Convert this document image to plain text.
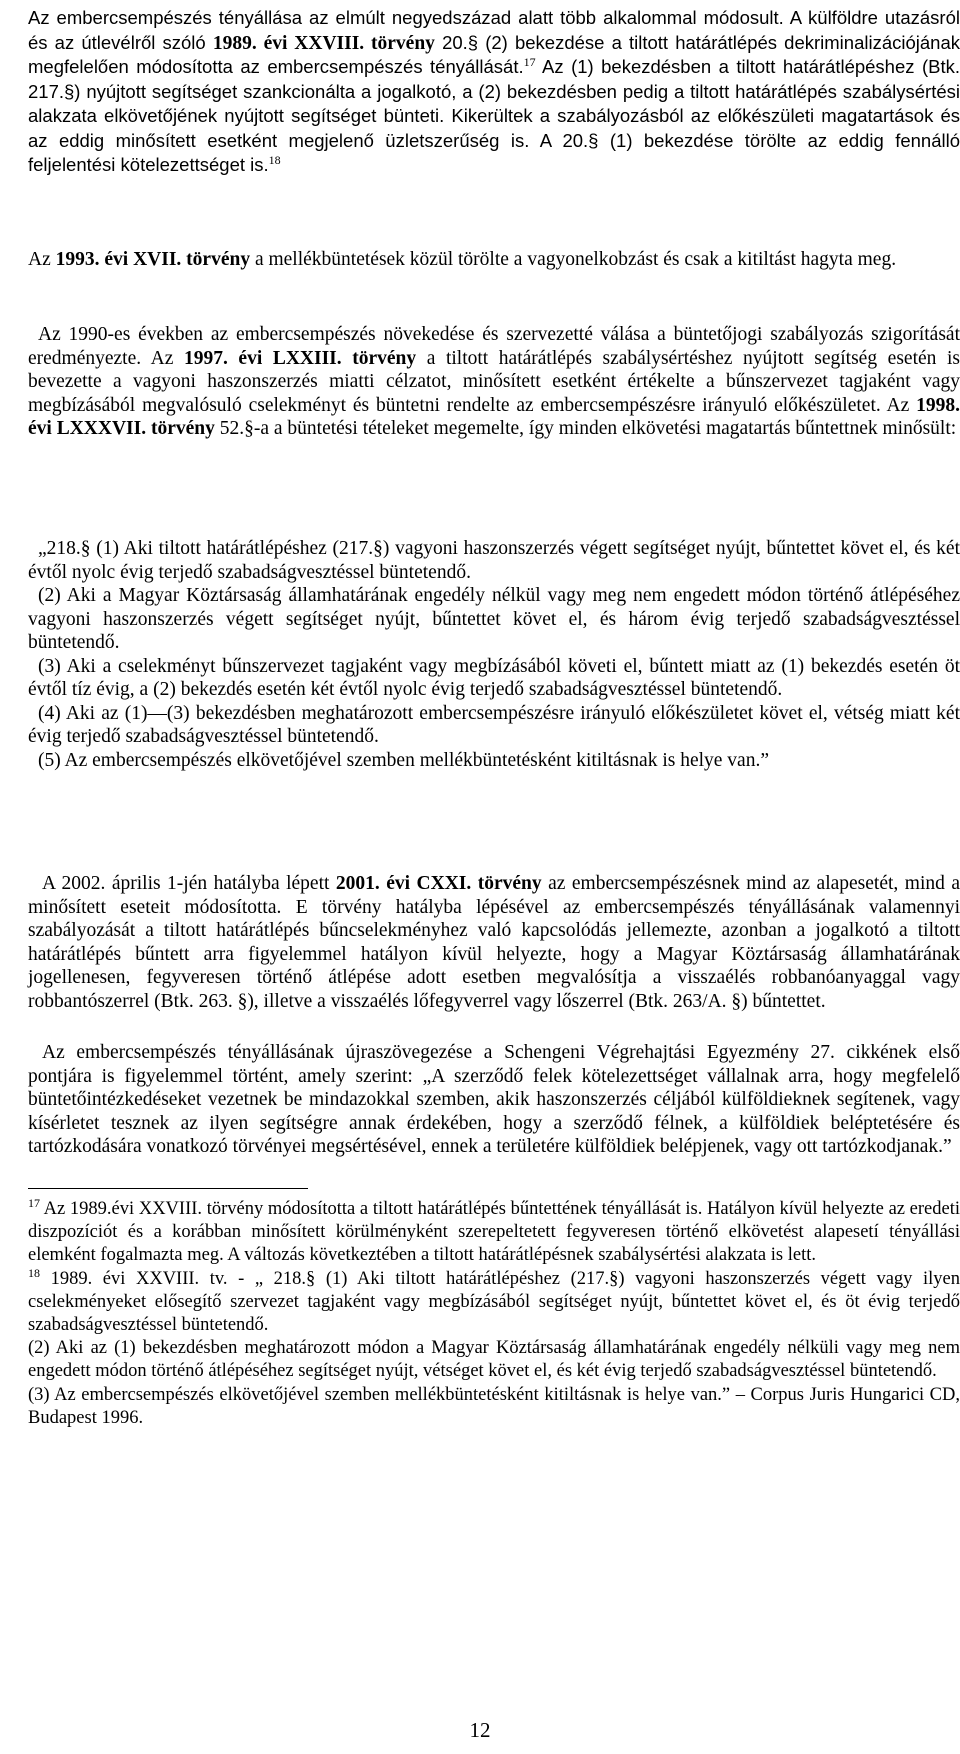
Az embercsempészés tényállása az elmúlt negyedszázad alatt több alkalommal módosult. A külföldre utazásról és az útlevélről szóló 1989. évi XXVIII. törvény 20.§ (2) bekezdése a tiltott határátlépés dekriminalizációjának megfelelően módosította az embercsempészés tényállását.$^{17}$ Az (1) bekezdésben a tiltott határátlépéshez (Btk. 217.§) nyújtott segítséget szankcionálta a jogalkotó, a (2) bekezdésben pedig a tiltott határátlépés szabálysértési alakzata elkövetőjének nyújtott segítséget bünteti. Kikerültek a szabályozásból az előkészületi magatartások és az eddig minősített esetként megjelenő üzletszerűség is. A 20.§ (1) bekezdése törölte az eddig fennálló feljelentési kötelezettséget is.$^{18}$

Az 1993. évi XVII. törvény a mellékbüntetések közül törölte a vagyonelkobzást és csak a kitiltást hagyta meg.

Az 1990-es években az embercsempészés növekedése és szervezetté válása a büntetőjogi szabályozás szigorítását eredményezte. Az 1997. évi LXXIII. törvény a tiltott határátlépés szabálysértéshez nyújtott segítség esetén is bevezette a vagyoni haszonszerzés miatti célzatot, minősített esetként értékelte a bűnszervezet tagjaként vagy megbízásából megvalósuló cselekményt és büntetni rendelte az embercsempészésre irányuló előkészületet. Az 1998. évi LXXXVII. törvény 52.§-a a büntetési tételeket megemelte, így minden elkövetési magatartás bűntettnek minősült:

„218.§ (1) Aki tiltott határátlépéshez (217.§) vagyoni haszonszerzés végett segítséget nyújt, bűntettet követ el, és két évtől nyolc évig terjedő szabadságvesztéssel büntetendő.

(2) Aki a Magyar Köztársaság államhatárának engedély nélkül vagy meg nem engedett módon történő átlépéséhez vagyoni haszonszerzés végett segítséget nyújt, bűntettet követ el, és három évig terjedő szabadságvesztéssel büntetendő.

(3) Aki a cselekményt bűnszervezet tagjaként vagy megbízásából követi el, bűntett miatt az (1) bekezdés esetén öt évtől tíz évig, a (2) bekezdés esetén két évtől nyolc évig terjedő szabadságvesztéssel büntetendő.

(4) Aki az (1)—(3) bekezdésben meghatározott embercsempészésre irányuló előkészületet követ el, vétség miatt két évig terjedő szabadságvesztéssel büntetendő.

(5) Az embercsempészés elkövetőjével szemben mellékbüntetésként kitiltásnak is helye van.”

A 2002. április 1-jén hatályba lépett 2001. évi CXXI. törvény az embercsempészésnek mind az alapesetét, mind a minősített eseteit módosította. E törvény hatályba lépésével az embercsempészés tényállásának valamennyi szabályozását a tiltott határátlépés bűncselekményhez való kapcsolódás jellemezte, azonban a jogalkotó a tiltott határátlépés bűntett arra figyelemmel hatályon kívül helyezte, hogy a Magyar Köztársaság államhatárának jogellenesen, fegyveresen történő átlépése adott esetben megvalósítja a visszaélés robbanóanyaggal vagy robbantószerrel (Btk. 263. §), illetve a visszaélés lőfegyverrel vagy lőszerrel (Btk. 263/A. §) bűntettet.

Az embercsempészés tényállásának újraszövegezése a Schengeni Végrehajtási Egyezmény 27. cikkének első pontjára is figyelemmel történt, amely szerint: „A szerződő felek kötelezettséget vállalnak arra, hogy megfelelő büntetőintézkedéseket vezetnek be mindazokkal szemben, akik haszonszerzés céljából külföldieknek segítenek, vagy kísérletet tesznek az ilyen segítségre annak érdekében, hogy a szerződő félnek, a külföldiek beléptetésére és tartózkodására vonatkozó törvényei megsértésével, ennek a területére külföldiek belépjenek, vagy ott tartózkodjanak.”

$^{17}$ Az 1989.évi XXVIII. törvény módosította a tiltott határátlépés bűntettének tényállását is. Hatályon kívül helyezte az eredeti diszpozíciót és a korábban minősített körülményként szerepeltetett fegyveresen történő elkövetést alapesetí tényállási elemként fogalmazta meg. A változás következtében a tiltott határátlépésnek szabálysértési alakzata is lett.

$^{18}$ 1989. évi XXVIII. tv. - „ 218.§ (1) Aki tiltott határátlépéshez (217.§) vagyoni haszonszerzés végett vagy ilyen cselekményeket elősegítő szervezet tagjaként vagy megbízásából segítséget nyújt, bűntettet követ el, és öt évig terjedő szabadságvesztéssel büntetendő.

(2) Aki az (1) bekezdésben meghatározott módon a Magyar Köztársaság államhatárának engedély nélküli vagy meg nem engedett módon történő átlépéséhez segítséget nyújt, vétséget követ el, és két évig terjedő szabadságvesztéssel büntetendő.

(3) Az embercsempészés elkövetőjével szemben mellékbüntetésként kitiltásnak is helye van.” – Corpus Juris Hungarici CD, Budapest 1996.

12
